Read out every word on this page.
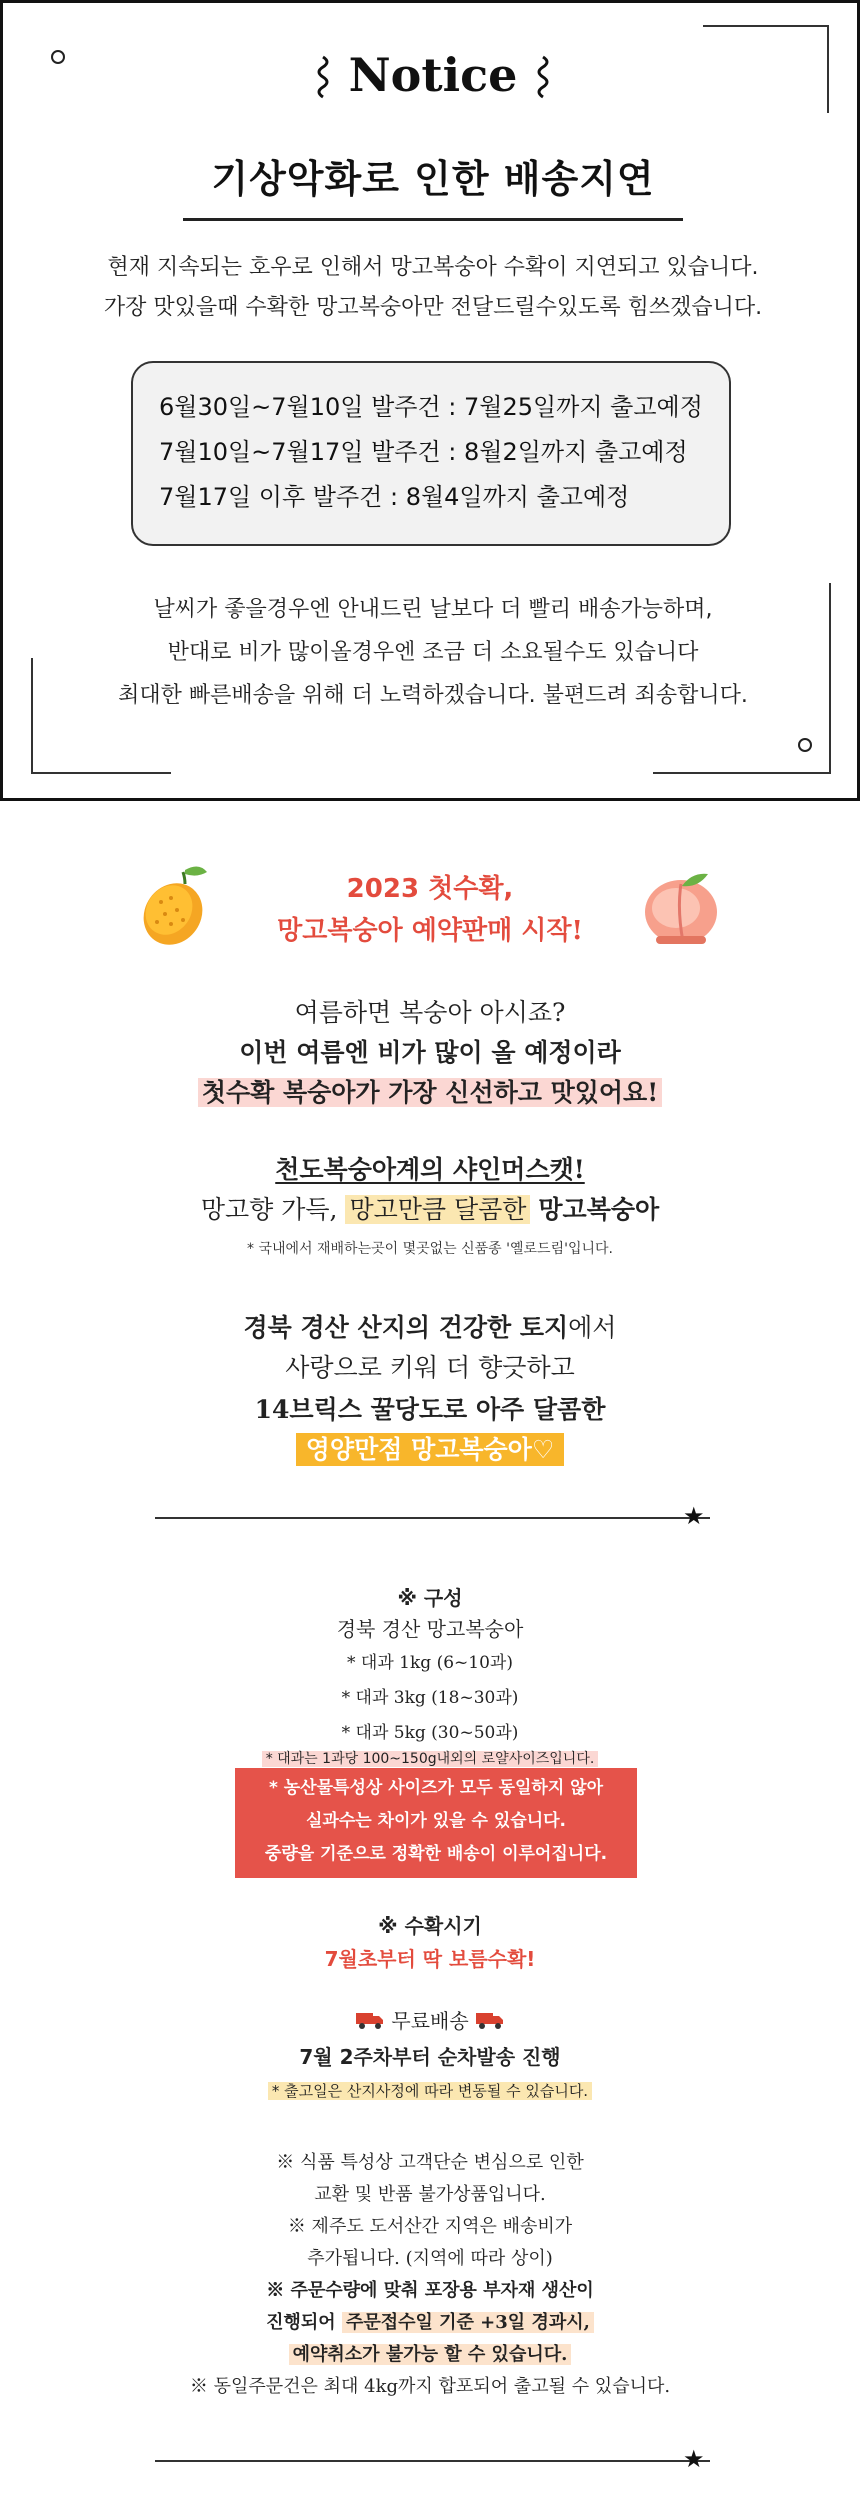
Notice
기상악화로 인한 배송지연
현재 지속되는 호우로 인해서 망고복숭아 수확이 지연되고 있습니다.
가장 맛있을때 수확한 망고복숭아만 전달드릴수있도록 힘쓰겠습니다.
6월30일~7월10일 발주건 : 7월25일까지 출고예정
7월10일~7월17일 발주건 : 8월2일까지 출고예정
7월17일 이후 발주건 : 8월4일까지 출고예정
날씨가 좋을경우엔 안내드린 날보다 더 빨리 배송가능하며,
반대로 비가 많이올경우엔 조금 더 소요될수도 있습니다
최대한 빠른배송을 위해 더 노력하겠습니다. 불편드려 죄송합니다.
2023 첫수확,
망고복숭아 예약판매 시작!
여름하면 복숭아 아시죠?
이번 여름엔 비가 많이 올 예정이라
첫수확 복숭아가 가장 신선하고 맛있어요!
천도복숭아계의 샤인머스캣!
망고향 가득, 망고만큼 달콤한 망고복숭아
* 국내에서 재배하는곳이 몇곳없는 신품종 '옐로드림'입니다.
경북 경산 산지의 건강한 토지에서
사랑으로 키워 더 향긋하고
14브릭스 꿀당도로 아주 달콤한
영양만점 망고복숭아♡
★
※ 구성
경북 경산 망고복숭아
* 대과 1kg (6~10과)
* 대과 3kg (18~30과)
* 대과 5kg (30~50과)
* 대과는 1과당 100~150g내외의 로얄사이즈입니다.
* 농산물특성상 사이즈가 모두 동일하지 않아
실과수는 차이가 있을 수 있습니다.
중량을 기준으로 정확한 배송이 이루어집니다.
※ 수확시기
7월초부터 딱 보름수확!
무료배송
7월 2주차부터 순차발송 진행
* 출고일은 산지사정에 따라 변동될 수 있습니다.
※ 식품 특성상 고객단순 변심으로 인한
교환 및 반품 불가상품입니다.
※ 제주도 도서산간 지역은 배송비가
추가됩니다. (지역에 따라 상이)
※ 주문수량에 맞춰 포장용 부자재 생산이
진행되어 주문접수일 기준 +3일 경과시,
예약취소가 불가능 할 수 있습니다.
※ 동일주문건은 최대 4kg까지 합포되어 출고될 수 있습니다.
★
